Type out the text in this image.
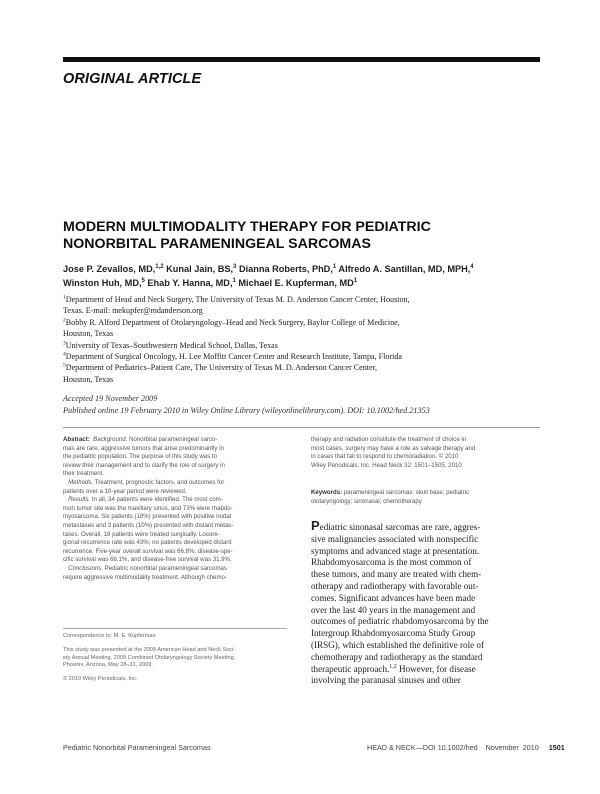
ORIGINAL ARTICLE
MODERN MULTIMODALITY THERAPY FOR PEDIATRIC
NONORBITAL PARAMENINGEAL SARCOMAS
Jose P. Zevallos, MD,$^{1,2}$ Kunal Jain, BS,$^3$ Dianna Roberts, PhD,$^1$ Alfredo A. Santillan, MD, MPH,$^4$
Winston Huh, MD,$^5$ Ehab Y. Hanna, MD,$^1$ Michael E. Kupferman, $MD^1$
$^1$Department of Head and Neck Surgery, The University of Texas M. D. Anderson Cancer Center, Houston,
Texas. E-mail: mekupfer@mdanderson.org
$^2$Bobby R. Alford Department of Otolaryngology–Head and Neck Surgery, Baylor College of Medicine,
Houston, Texas
$^3$University of Texas–Southwestern Medical School, Dallas, Texas
$^4$Department of Surgical Oncology, H. Lee Moffitt Cancer Center and Research Institute, Tampa, Florida
$^5$Department of Pediatrics–Patient Care, The University of Texas M. D. Anderson Cancer Center,
Houston, Texas
Accepted 19 November 2009
Published online 19 February 2010 in Wiley Online Library (wileyonlinelibrary.com). DOI: 10.1002/hed.21353
Abstract: Background. Nonorbital parameningeal sarco-
mas are rare, aggressive tumors that arise predominantly in
the pediatric population. The purpose of this study was to
review their management and to clarify the role of surgery in
their treatment.
Methods. Treatment, prognostic factors, and outcomes for
patients over a 10-year period were reviewed.
Results. In all, 34 patients were identified. The most com-
mon tumor site was the maxillary sinus, and 73% were rhabdo-
myosarcoma. Six patients (18%) presented with positive nodal
metastases and 3 patients (10%) presented with distant metas-
tases. Overall, 18 patients were treated surgically. Locore-
gional recurrence rate was 43%; no patients developed distant
recurrence. Five-year overall survival was 66.8%, disease-spe-
cific survival was 68.1%, and disease-free survival was 31.9%.
Conclusions. Pediatric nonorbital parameningeal sarcomas
require aggressive multimodality treatment. Although chemo-
Correspondence to: M. E. Kupferman
This study was presented at the 2009 American Head and Neck Soci-
ety Annual Meeting, 2009 Combined Otolaryngology Society Meeting,
Phoenix, Arizona, May 28–31, 2009.
© 2010 Wiley Periodicals, Inc.
therapy and radiation constitute the treatment of choice in
most cases, surgery may have a role as salvage therapy and
in cases that fail to respond to chemoradiation. © 2010
Wiley Periodicals, Inc. Head Neck 32: 1501–1505, 2010
Keywords: parameningeal sarcomas; skull base; pediatric
otolaryngology; sinonasal; chemotherapy
Pediatric sinonasal sarcomas are rare, aggres-
sive malignancies associated with nonspecific
symptoms and advanced stage at presentation.
Rhabdomyosarcoma is the most common of
these tumors, and many are treated with chem-
otherapy and radiotherapy with favorable out-
comes. Significant advances have been made
over the last 40 years in the management and
outcomes of pediatric rhabdomyosarcoma by the
Intergroup Rhabdomyosarcoma Study Group
(IRSG), which established the definitive role of
chemotherapy and radiotherapy as the standard
therapeutic approach.$^{1,2}$ However, for disease
involving the paranasal sinuses and other
Pediatric Nonorbital Parameningeal Sarcomas	HEAD & NECK—DOI 10.1002/hed    November  2010 1501
